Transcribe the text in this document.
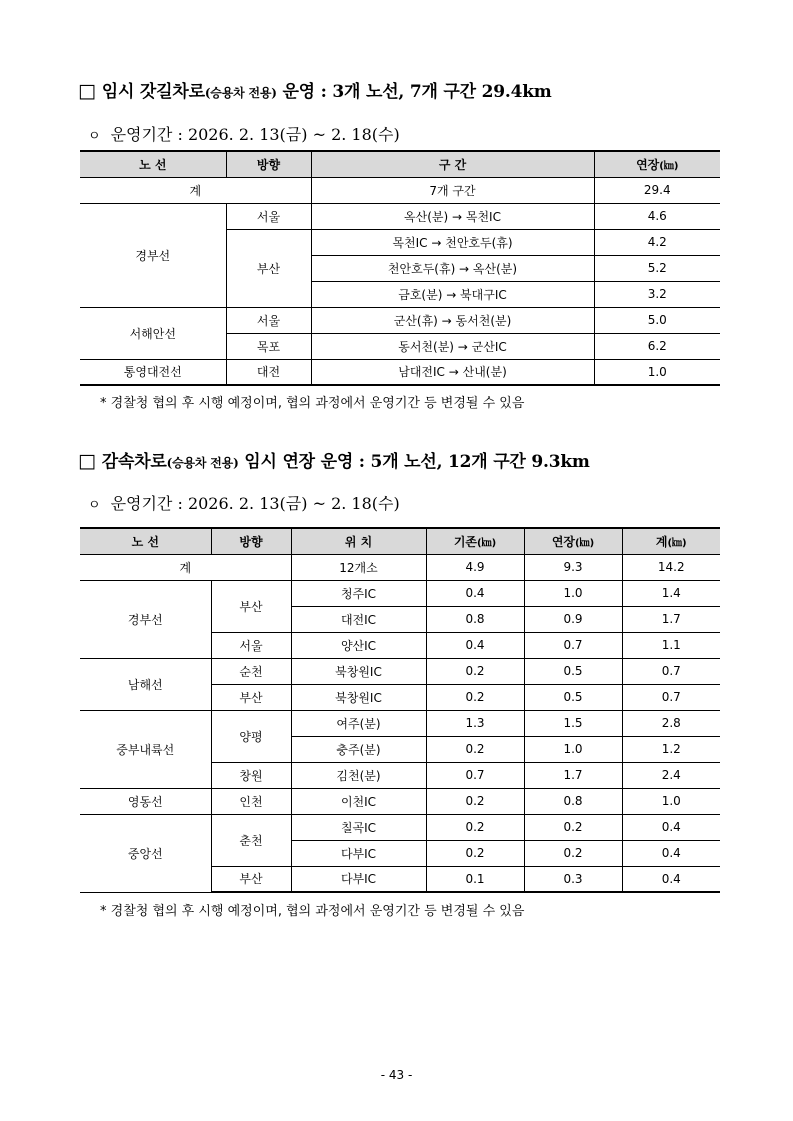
□ 임시 갓길차로(승용차 전용) 운영 : 3개 노선, 7개 구간 29.4km
ㅇ 운영기간 : 2026. 2. 13(금) ~ 2. 18(수)
노 선	방향	구 간	연장(㎞)
계		7개 구간	29.4
경부선	서울	옥산(분) → 목천IC	4.6
	부산	목천IC → 천안호두(휴)	4.2
		천안호두(휴) → 옥산(분)	5.2
		금호(분) → 북대구IC	3.2
서해안선	서울	군산(휴) → 동서천(분)	5.0
	목포	동서천(분) → 군산IC	6.2
통영대전선	대전	남대전IC → 산내(분)	1.0
* 경찰청 협의 후 시행 예정이며, 협의 과정에서 운영기간 등 변경될 수 있음
□ 감속차로(승용차 전용) 임시 연장 운영 : 5개 노선, 12개 구간 9.3km
ㅇ 운영기간 : 2026. 2. 13(금) ~ 2. 18(수)
노 선	방향	위 치	기존(㎞)	연장(㎞)	계(㎞)
계		12개소	4.9	9.3	14.2
경부선	부산	청주IC	0.4	1.0	1.4
		대전IC	0.8	0.9	1.7
	서울	양산IC	0.4	0.7	1.1
남해선	순천	북창원IC	0.2	0.5	0.7
	부산	북창원IC	0.2	0.5	0.7
중부내륙선	양평	여주(분)	1.3	1.5	2.8
		충주(분)	0.2	1.0	1.2
	창원	김천(분)	0.7	1.7	2.4
영동선	인천	이천IC	0.2	0.8	1.0
중앙선	춘천	칠곡IC	0.2	0.2	0.4
		다부IC	0.2	0.2	0.4
	부산	다부IC	0.1	0.3	0.4
* 경찰청 협의 후 시행 예정이며, 협의 과정에서 운영기간 등 변경될 수 있음
- 43 -
